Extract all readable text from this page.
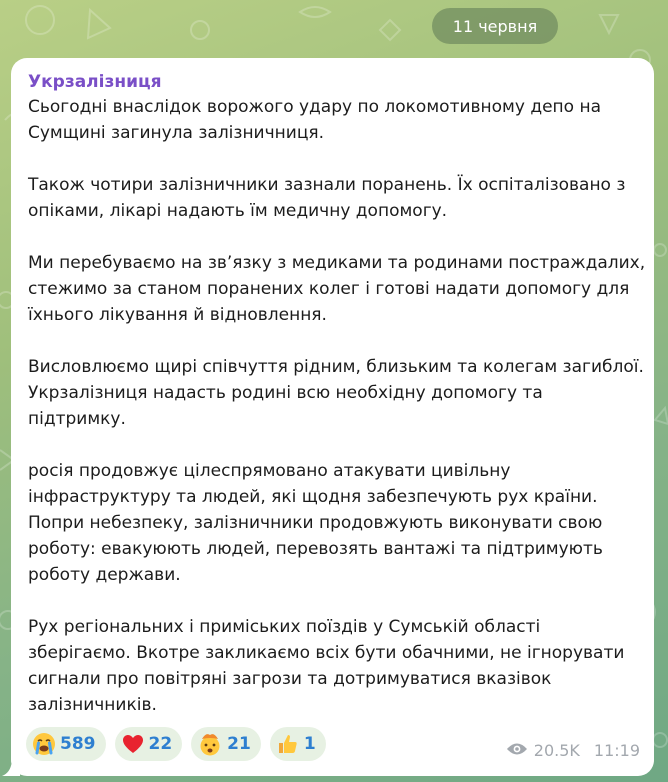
11 червня
Укрзалізниця

Сьогодні внаслідок ворожого удару по локомотивному депо на Сумщині загинула залізничниця.

Також чотири залізничники зазнали поранень. Їх оспіталізовано з опіками, лікарі надають їм медичну допомогу.

Ми перебуваємо на зв’язку з медиками та родинами постраждалих, стежимо за станом поранених колег і готові надати допомогу для їхнього лікування й відновлення.

Висловлюємо щирі співчуття рідним, близьким та колегам загиблої. Укрзалізниця надасть родині всю необхідну допомогу та підтримку.

росія продовжує цілеспрямовано атакувати цивільну інфраструктуру та людей, які щодня забезпечують рух країни. Попри небезпеку, залізничники продовжують виконувати свою роботу: евакуюють людей, перевозять вантажі та підтримують роботу держави.

Рух регіональних і приміських поїздів у Сумській області зберігаємо. Вкотре закликаємо всіх бути обачними, не ігнорувати сигнали про повітряні загрози та дотримуватися вказівок залізничників.

589	22	21	1	20.5K 11:19
